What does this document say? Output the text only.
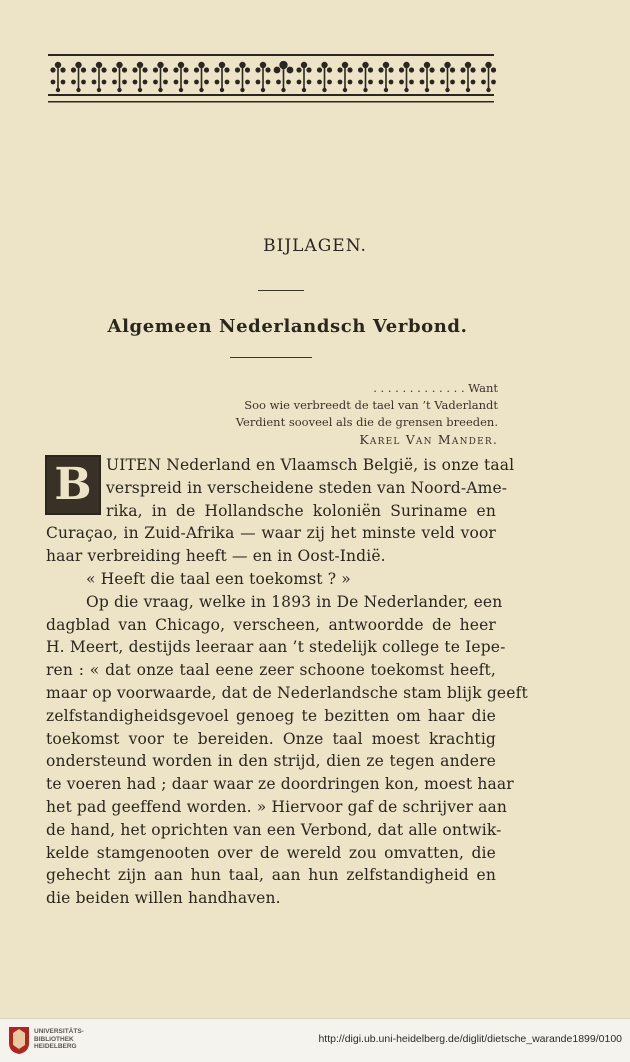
BIJLAGEN.
Algemeen Nederlandsch Verbond.
. . . . . . . . . . . . . Want
Soo wie verbreedt de tael van ’t Vaderlandt
Verdient sooveel als die de grensen breeden.
Karel Van Mander.
B UITEN Nederland en Vlaamsch België, is onze taal
verspreid in verscheidene steden van Noord-Ame-
rika, in de Hollandsche koloniën Suriname en
Curaçao, in Zuid-Afrika — waar zij het minste veld voor
haar verbreiding heeft — en in Oost-Indië.
« Heeft die taal een toekomst ? »
Op die vraag, welke in 1893 in De Nederlander, een
dagblad van Chicago, verscheen, antwoordde de heer
H. Meert, destijds leeraar aan ’t stedelijk college te Iepe-
ren : « dat onze taal eene zeer schoone toekomst heeft,
maar op voorwaarde, dat de Nederlandsche stam blijk geeft
zelfstandigheidsgevoel genoeg te bezitten om haar die
toekomst voor te bereiden. Onze taal moest krachtig
ondersteund worden in den strijd, dien ze tegen andere
te voeren had ; daar waar ze doordringen kon, moest haar
het pad geeffend worden. » Hiervoor gaf de schrijver aan
de hand, het oprichten van een Verbond, dat alle ontwik-
kelde stamgenooten over de wereld zou omvatten, die
gehecht zijn aan hun taal, aan hun zelfstandigheid en
die beiden willen handhaven.
UNIVERSITÄTS-
BIBLIOTHEK
HEIDELBERG
http://digi.ub.uni-heidelberg.de/diglit/dietsche_warande1899/0100
